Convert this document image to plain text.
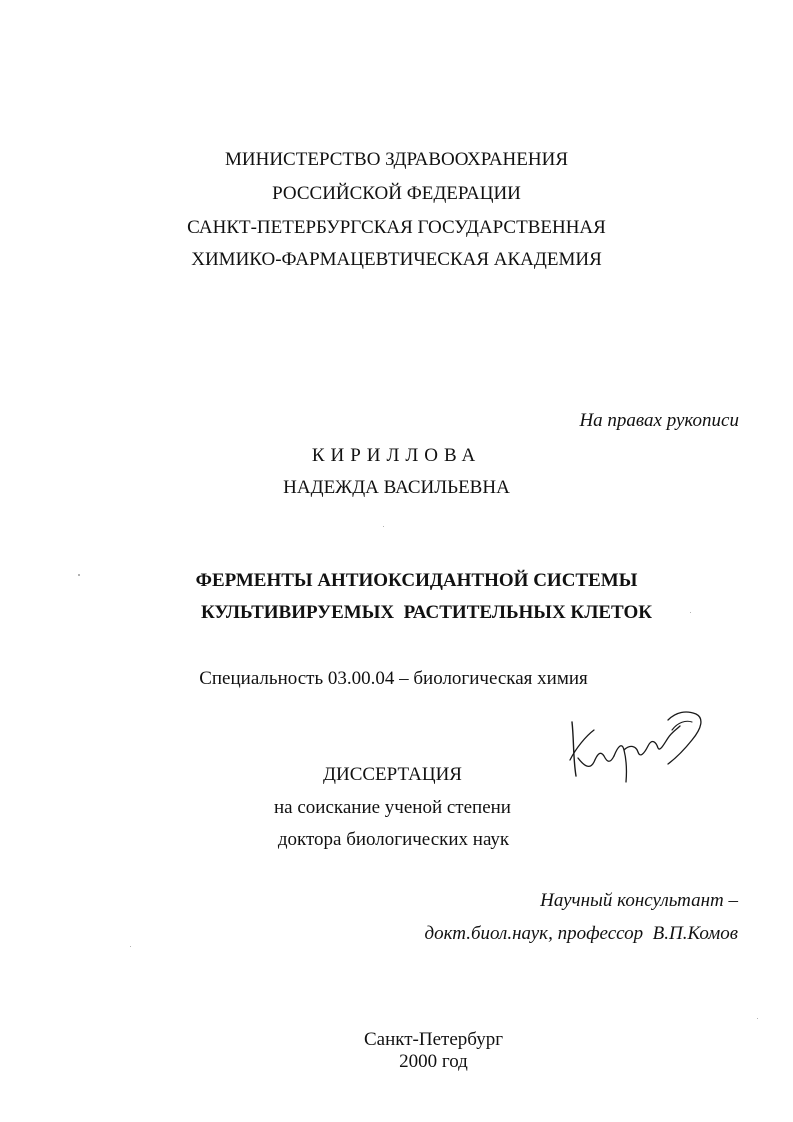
МИНИСТЕРСТВО ЗДРАВООХРАНЕНИЯ
РОССИЙСКОЙ ФЕДЕРАЦИИ
САНКТ-ПЕТЕРБУРГСКАЯ ГОСУДАРСТВЕННАЯ
ХИМИКО-ФАРМАЦЕВТИЧЕСКАЯ АКАДЕМИЯ
На правах рукописи
КИРИЛЛОВА
НАДЕЖДА ВАСИЛЬЕВНА
ФЕРМЕНТЫ АНТИОКСИДАНТНОЙ СИСТЕМЫ
КУЛЬТИВИРУЕМЫХ  РАСТИТЕЛЬНЫХ КЛЕТОК
Специальность 03.00.04 – биологическая химия
ДИССЕРТАЦИЯ
на соискание ученой степени
доктора биологических наук
Научный консультант –
докт.биол.наук, профессор  В.П.Комов
Санкт-Петербург
2000 год
